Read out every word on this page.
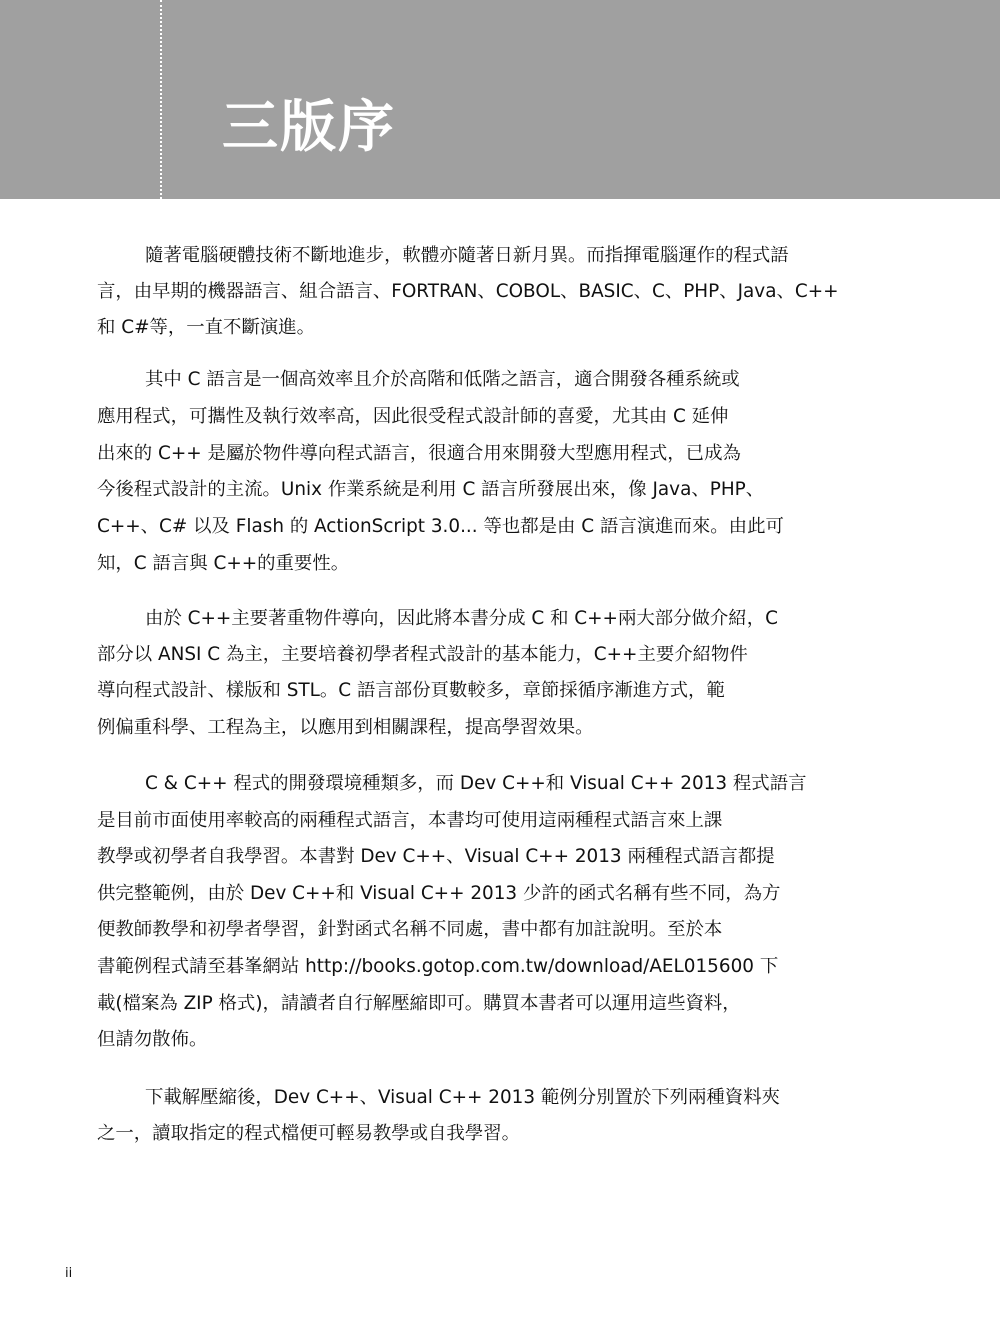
三版序

隨著電腦硬體技術不斷地進步，軟體亦隨著日新月異。而指揮電腦運作的程式語
言，由早期的機器語言、組合語言、FORTRAN、COBOL、BASIC、C、PHP、Java、C++
和 C#等，一直不斷演進。

其中 C 語言是一個高效率且介於高階和低階之語言，適合開發各種系統或
應用程式，可攜性及執行效率高，因此很受程式設計師的喜愛，尤其由 C 延伸
出來的 C++ 是屬於物件導向程式語言，很適合用來開發大型應用程式，已成為
今後程式設計的主流。Unix 作業系統是利用 C 語言所發展出來，像 Java、PHP、
C++、C# 以及 Flash 的 ActionScript 3.0... 等也都是由 C 語言演進而來。由此可
知，C 語言與 C++的重要性。

由於 C++主要著重物件導向，因此將本書分成 C 和 C++兩大部分做介紹，C
部分以 ANSI C 為主，主要培養初學者程式設計的基本能力，C++主要介紹物件
導向程式設計、樣版和 STL。C 語言部份頁數較多，章節採循序漸進方式，範
例偏重科學、工程為主，以應用到相關課程，提高學習效果。

C & C++ 程式的開發環境種類多，而 Dev C++和 Visual C++ 2013 程式語言
是目前市面使用率較高的兩種程式語言，本書均可使用這兩種程式語言來上課
教學或初學者自我學習。本書對 Dev C++、Visual C++ 2013 兩種程式語言都提
供完整範例，由於 Dev C++和 Visual C++ 2013 少許的函式名稱有些不同，為方
便教師教學和初學者學習，針對函式名稱不同處，書中都有加註說明。至於本
書範例程式請至碁峯網站 http://books.gotop.com.tw/download/AEL015600 下
載(檔案為 ZIP 格式)，請讀者自行解壓縮即可。購買本書者可以運用這些資料，
但請勿散佈。

下載解壓縮後，Dev C++、Visual C++ 2013 範例分別置於下列兩種資料夾
之一，讀取指定的程式檔便可輕易教學或自我學習。

ii
